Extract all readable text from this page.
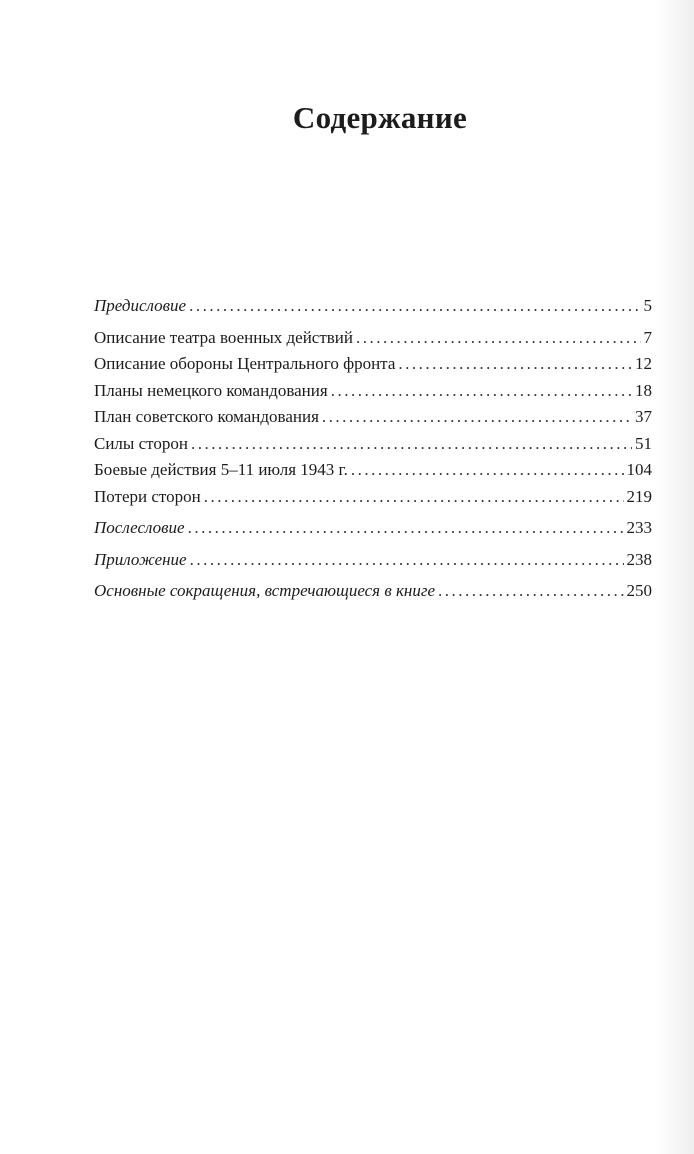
Содержание
Предисловие .....	5
Описание театра военных действий .....	7
Описание обороны Центрального фронта .....	12
Планы немецкого командования .....	18
План советского командования .....	37
Силы сторон .....	51
Боевые действия 5–11 июля 1943 г. .....	104
Потери сторон .....	219
Послесловие .....	233
Приложение .....	238
Основные сокращения, встречающиеся в книге .....	250
